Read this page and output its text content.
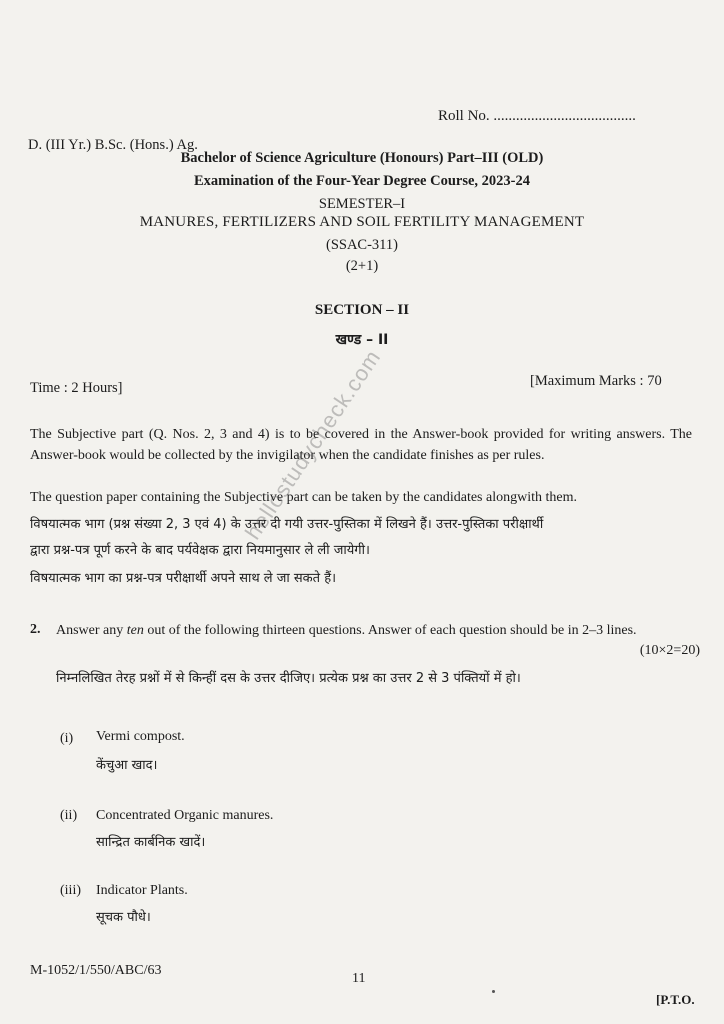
Roll No. ......................................
D. (III Yr.) B.Sc. (Hons.) Ag.
Bachelor of Science Agriculture (Honours) Part–III (OLD)
Examination of the Four-Year Degree Course, 2023-24
SEMESTER–I
MANURES, FERTILIZERS AND SOIL FERTILITY MANAGEMENT
(SSAC-311)
(2+1)
SECTION – II
खण्ड – II
Time : 2 Hours]	[Maximum Marks : 70
The Subjective part (Q. Nos. 2, 3 and 4) is to be covered in the Answer-book provided for writing answers. The Answer-book would be collected by the invigilator when the candidate finishes as per rules.
The question paper containing the Subjective part can be taken by the candidates alongwith them.
विषयात्मक भाग (प्रश्न संख्या 2, 3 एवं 4) के उत्तर दी गयी उत्तर-पुस्तिका में लिखने हैं। उत्तर-पुस्तिका परीक्षार्थी
द्वारा प्रश्न-पत्र पूर्ण करने के बाद पर्यवेक्षक द्वारा नियमानुसार ले ली जायेगी।
विषयात्मक भाग का प्रश्न-पत्र परीक्षार्थी अपने साथ ले जा सकते हैं।
2. Answer any ten out of the following thirteen questions. Answer of each question should be in 2–3 lines.
(10×2=20)
निम्नलिखित तेरह प्रश्नों में से किन्हीं दस के उत्तर दीजिए। प्रत्येक प्रश्न का उत्तर 2 से 3 पंक्तियों में हो।
(i) Vermi compost.
केंचुआ खाद।
(ii) Concentrated Organic manures.
सान्द्रित कार्बनिक खादें।
(iii) Indicator Plants.
सूचक पौधे।
M-1052/1/550/ABC/63
11
[P.T.O.
hellostudycheck.com
